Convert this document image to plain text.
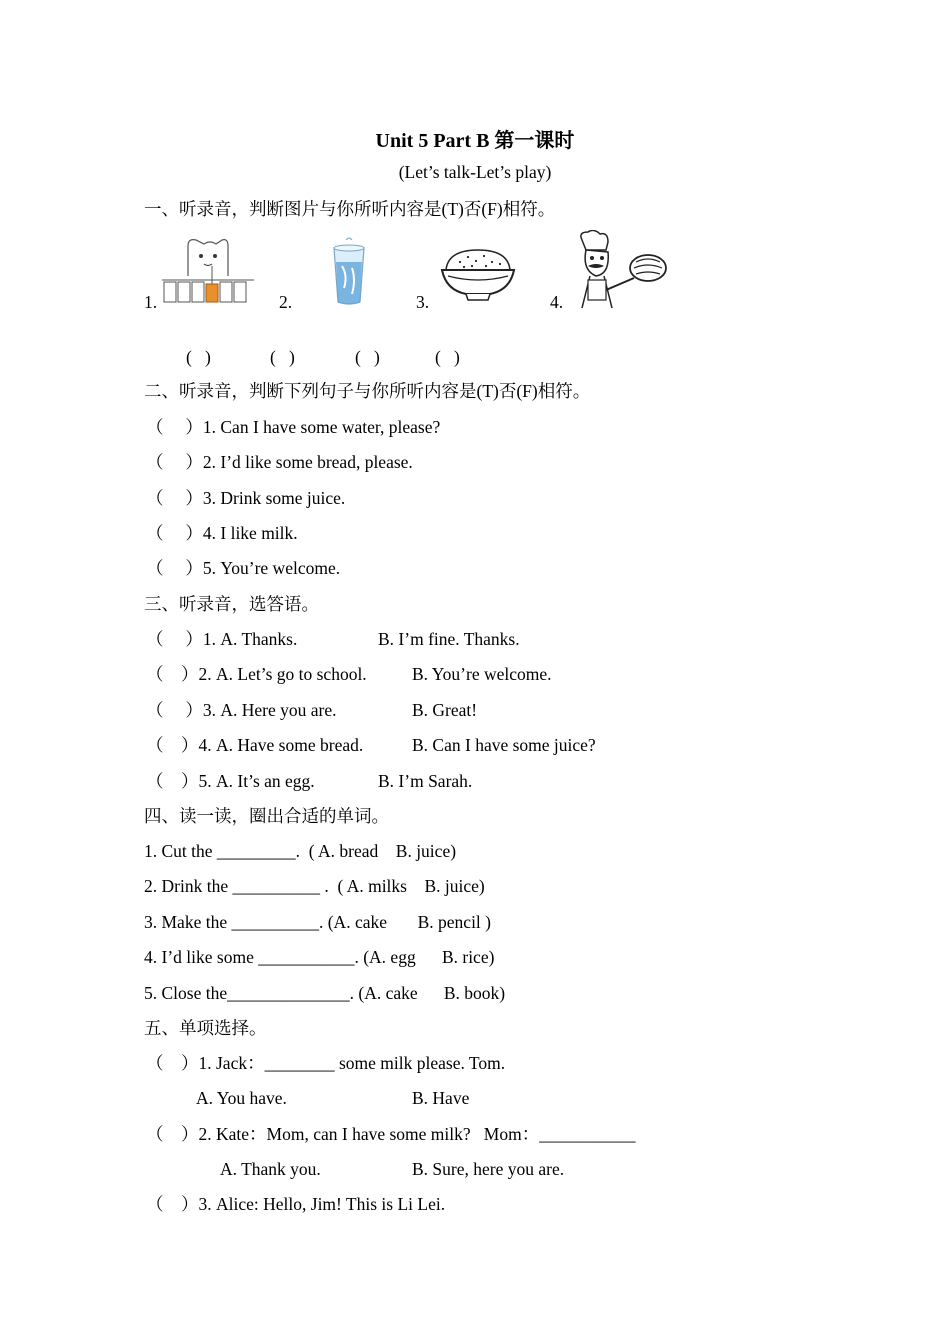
Unit 5 Part B 第一课时
(Let’s talk-Let’s play)
一、听录音，判断图片与你所听内容是(T)否(F)相符。
1.	2.	3.	4.
(   )	(   )	(   )	(   )
二、听录音，判断下列句子与你所听内容是(T)否(F)相符。
（     ）1. Can I have some water, please?
（     ）2. I’d like some bread, please.
（     ）3. Drink some juice.
（     ）4. I like milk.
（     ）5. You’re welcome.
三、听录音，选答语。
（     ）1. A. Thanks.	B. I’m fine. Thanks.
（    ）2. A. Let’s go to school.	B. You’re welcome.
（     ）3. A. Here you are.	B. Great!
（    ）4. A. Have some bread.	B. Can I have some juice?
（    ）5. A. It’s an egg.	B. I’m Sarah.
四、读一读，圈出合适的单词。
1. Cut the _________.  ( A. bread    B. juice)
2. Drink the __________ .  ( A. milks    B. juice)
3. Make the __________. (A. cake       B. pencil )
4. I’d like some ___________. (A. egg      B. rice)
5. Close the______________. (A. cake      B. book)
五、单项选择。
（    ）1. Jack：________ some milk please. Tom.
A. You have.	B. Have
（    ）2. Kate：Mom, can I have some milk?   Mom：___________
A. Thank you.	B. Sure, here you are.
（    ）3. Alice: Hello, Jim! This is Li Lei.
